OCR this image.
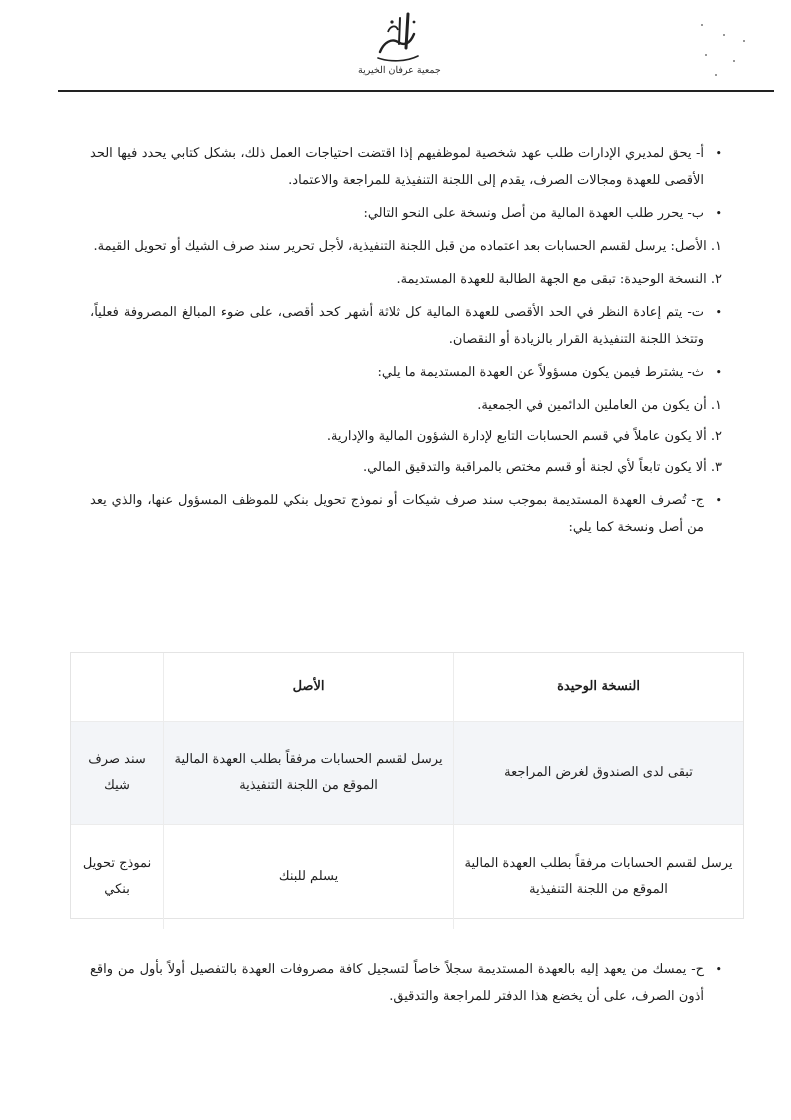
جمعية عرفان الخيرية

• أ- يحق لمديري الإدارات طلب عهد شخصية لموظفيهم إذا اقتضت احتياجات العمل ذلك، بشكل كتابي يحدد فيها الحد الأقصى للعهدة ومجالات الصرف، يقدم إلى اللجنة التنفيذية للمراجعة والاعتماد.

• ب- يحرر طلب العهدة المالية من أصل ونسخة على النحو التالي:

١. الأصل: يرسل لقسم الحسابات بعد اعتماده من قبل اللجنة التنفيذية، لأجل تحرير سند صرف الشيك أو تحويل القيمة.

٢. النسخة الوحيدة: تبقى مع الجهة الطالبة للعهدة المستديمة.

• ت- يتم إعادة النظر في الحد الأقصى للعهدة المالية كل ثلاثة أشهر كحد أقصى، على ضوء المبالغ المصروفة فعلياً، وتتخذ اللجنة التنفيذية القرار بالزيادة أو النقصان.

• ث- يشترط فيمن يكون مسؤولاً عن العهدة المستديمة ما يلي:

١. أن يكون من العاملين الدائمين في الجمعية.

٢. ألا يكون عاملاً في قسم الحسابات التابع لإدارة الشؤون المالية والإدارية.

٣. ألا يكون تابعاً لأي لجنة أو قسم مختص بالمراقبة والتدقيق المالي.

• ج- تُصرف العهدة المستديمة بموجب سند صرف شيكات أو نموذج تحويل بنكي للموظف المسؤول عنها، والذي يعد من أصل ونسخة كما يلي:

النسخة الوحيدة	الأصل	
تبقى لدى الصندوق لغرض المراجعة	يرسل لقسم الحسابات مرفقاً بطلب العهدة المالية الموقع من اللجنة التنفيذية	سند صرف شيك
يرسل لقسم الحسابات مرفقاً بطلب العهدة المالية الموقع من اللجنة التنفيذية	يسلم للبنك	نموذج تحويل بنكي

• ح- يمسك من يعهد إليه بالعهدة المستديمة سجلاً خاصاً لتسجيل كافة مصروفات العهدة بالتفصيل أولاً بأول من واقع أذون الصرف، على أن يخضع هذا الدفتر للمراجعة والتدقيق.
